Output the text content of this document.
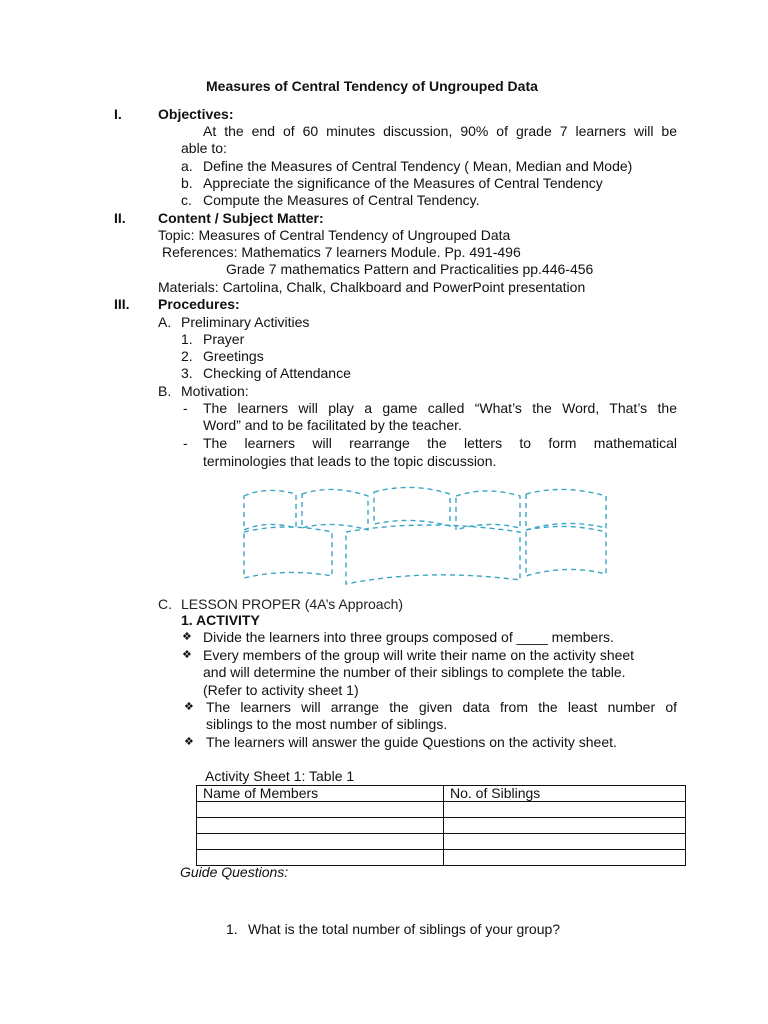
Measures of Central Tendency of Ungrouped Data
I.	Objectives:
At the end of 60 minutes discussion, 90% of grade 7 learners will be
able to:
a. Define the Measures of Central Tendency ( Mean, Median and Mode)
b. Appreciate the significance of the Measures of Central Tendency
c. Compute the Measures of Central Tendency.
II. Content / Subject Matter:
Topic: Measures of Central Tendency of Ungrouped Data
References: Mathematics 7 learners Module. Pp. 491-496
Grade 7 mathematics Pattern and Practicalities pp.446-456
Materials: Cartolina, Chalk, Chalkboard and PowerPoint presentation
III. Procedures:
A. Preliminary Activities
1. Prayer
2. Greetings
3. Checking of Attendance
B. Motivation:
- The learners will play a game called “What’s the Word, That’s the
Word” and to be facilitated by the teacher.
- The learners will rearrange the letters to form mathematical
terminologies that leads to the topic discussion.
C. LESSON PROPER (4A’s Approach)
1. ACTIVITY
❖ Divide the learners into three groups composed of ____ members.
❖ Every members of the group will write their name on the activity sheet
and will determine the number of their siblings to complete the table.
(Refer to activity sheet 1)
❖ The learners will arrange the given data from the least number of
siblings to the most number of siblings.
❖ The learners will answer the guide Questions on the activity sheet.
Activity Sheet 1: Table 1
Name of Members	No. of Siblings

Guide Questions:
1. What is the total number of siblings of your group?
